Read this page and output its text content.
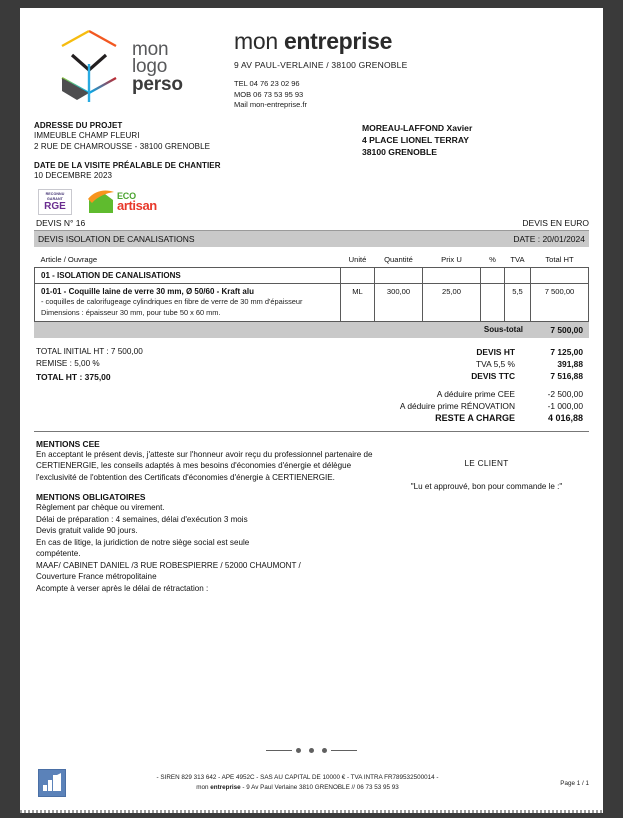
mon
logo
perso
mon entreprise
9 AV PAUL-VERLAINE / 38100 GRENOBLE
TEL 04 76 23 02 96
MOB 06 73 53 95 93
Mail mon-entreprise.fr
ADRESSE DU PROJET
IMMEUBLE CHAMP FLEURI
2 RUE DE CHAMROUSSE - 38100 GRENOBLE
DATE DE LA VISITE PRÉALABLE DE CHANTIER
10 DECEMBRE 2023
MOREAU-LAFFOND Xavier
4 PLACE LIONEL TERRAY
38100 GRENOBLE
RECONNU GARANT
RGE
ECO
artisan
DEVIS N° 16	DEVIS EN EURO
DEVIS ISOLATION DE CANALISATIONS	DATE : 20/01/2024
Article / Ouvrage	Unité	Quantité	Prix U	%	TVA	Total HT
01 - ISOLATION DE CANALISATIONS						

01-01 - Coquille laine de verre 30 mm, Ø 50/60 - Kraft alu
- coquilles de calorifugeage cylindriques en fibre de verre de 30 mm d'épaisseur
Dimensions : épaisseur 30 mm, pour tube 50 x 60 mm.	ML	300,00	25,00		5,5	7 500,00
Sous-total	7 500,00
TOTAL INITIAL HT : 7 500,00
REMISE : 5,00 %
TOTAL HT : 375,00
DEVIS HT	7 125,00
TVA 5,5 %	391,88
DEVIS TTC	7 516,88
A déduire prime CEE	-2 500,00
A déduire prime RÉNOVATION	-1 000,00
RESTE A CHARGE	4 016,88
MENTIONS CEE
En acceptant le présent devis, j'atteste sur l'honneur avoir reçu du professionnel partenaire de CERTIENERGIE, les conseils adaptés à mes besoins d'économies d'énergie et délègue l'exclusivité de l'obtention des Certificats d'économies d'énergie à CERTIENERGIE.
MENTIONS OBLIGATOIRES

Règlement par chèque ou virement.

Délai de préparation : 4 semaines, délai d'exécution 3 mois

Devis gratuit valide 90 jours.

En cas de litige, la juridiction de notre siège social est seule

compétente.

MAAF/ CABINET DANIEL /3 RUE ROBESPIERRE / 52000 CHAUMONT /

Couverture France métropolitaine

Acompte à verser après le délai de rétractation :

LE CLIENT
"Lu et approuvé, bon pour commande le :"
- SIREN 829 313 642 - APE 4952C - SAS AU CAPITAL DE 10000 € - TVA INTRA FR789532500014 -
mon entreprise - 9 Av Paul Verlaine 3810 GRENOBLE // 06 73 53 95 93
Page 1 / 1
